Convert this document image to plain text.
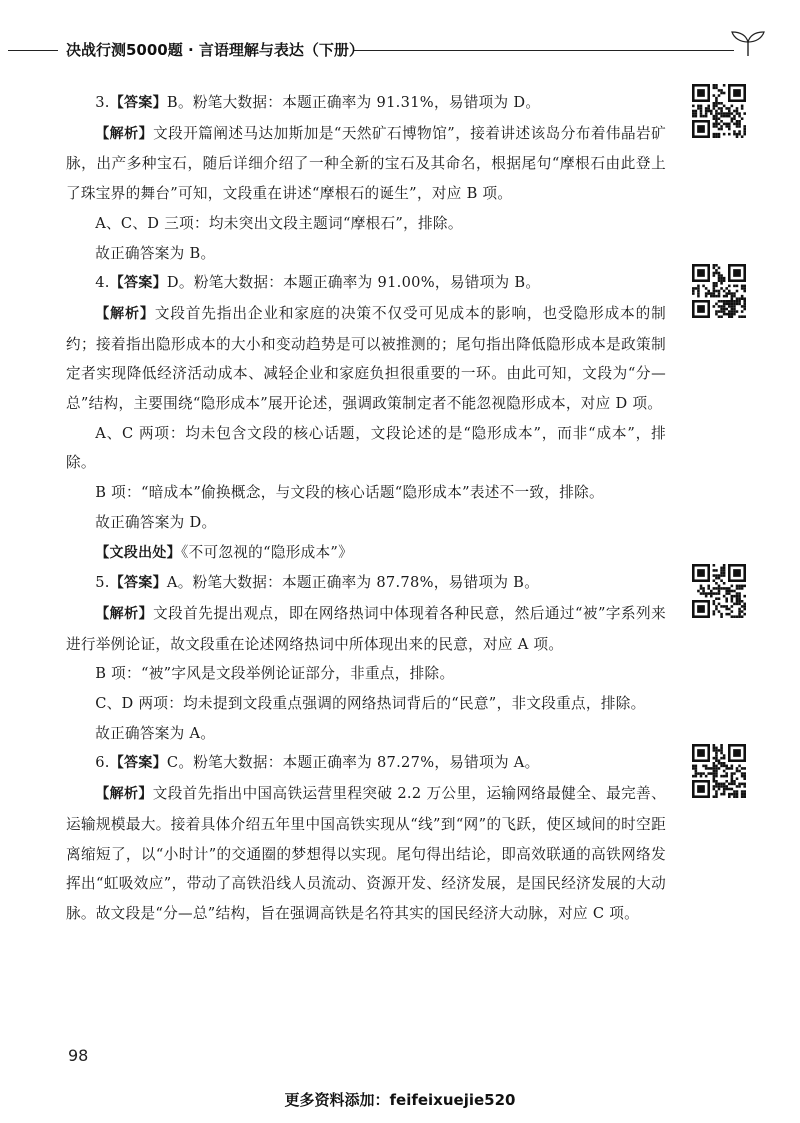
决战行测5000题 · 言语理解与表达（下册）

3.【答案】B。粉笔大数据：本题正确率为 91.31%，易错项为 D。

【解析】文段开篇阐述马达加斯加是“天然矿石博物馆”，接着讲述该岛分布着伟晶岩矿脉，出产多种宝石，随后详细介绍了一种全新的宝石及其命名，根据尾句“摩根石由此登上了珠宝界的舞台”可知，文段重在讲述“摩根石的诞生”，对应 B 项。

A、C、D 三项：均未突出文段主题词“摩根石”，排除。

故正确答案为 B。

4.【答案】D。粉笔大数据：本题正确率为 91.00%，易错项为 B。

【解析】文段首先指出企业和家庭的决策不仅受可见成本的影响，也受隐形成本的制约；接着指出隐形成本的大小和变动趋势是可以被推测的；尾句指出降低隐形成本是政策制定者实现降低经济活动成本、减轻企业和家庭负担很重要的一环。由此可知，文段为“分—总”结构，主要围绕“隐形成本”展开论述，强调政策制定者不能忽视隐形成本，对应 D 项。

A、C 两项：均未包含文段的核心话题，文段论述的是“隐形成本”，而非“成本”，排除。

B 项：“暗成本”偷换概念，与文段的核心话题“隐形成本”表述不一致，排除。

故正确答案为 D。

【文段出处】《不可忽视的“隐形成本”》

5.【答案】A。粉笔大数据：本题正确率为 87.78%，易错项为 B。

【解析】文段首先提出观点，即在网络热词中体现着各种民意，然后通过“被”字系列来进行举例论证，故文段重在论述网络热词中所体现出来的民意，对应 A 项。

B 项：“被”字风是文段举例论证部分，非重点，排除。

C、D 两项：均未提到文段重点强调的网络热词背后的“民意”，非文段重点，排除。

故正确答案为 A。

6.【答案】C。粉笔大数据：本题正确率为 87.27%，易错项为 A。

【解析】文段首先指出中国高铁运营里程突破 2.2 万公里，运输网络最健全、最完善、运输规模最大。接着具体介绍五年里中国高铁实现从“线”到“网”的飞跃，使区域间的时空距离缩短了，以“小时计”的交通圈的梦想得以实现。尾句得出结论，即高效联通的高铁网络发挥出“虹吸效应”，带动了高铁沿线人员流动、资源开发、经济发展，是国民经济发展的大动脉。故文段是“分—总”结构，旨在强调高铁是名符其实的国民经济大动脉，对应 C 项。

98
更多资料添加：feifeixuejie520
